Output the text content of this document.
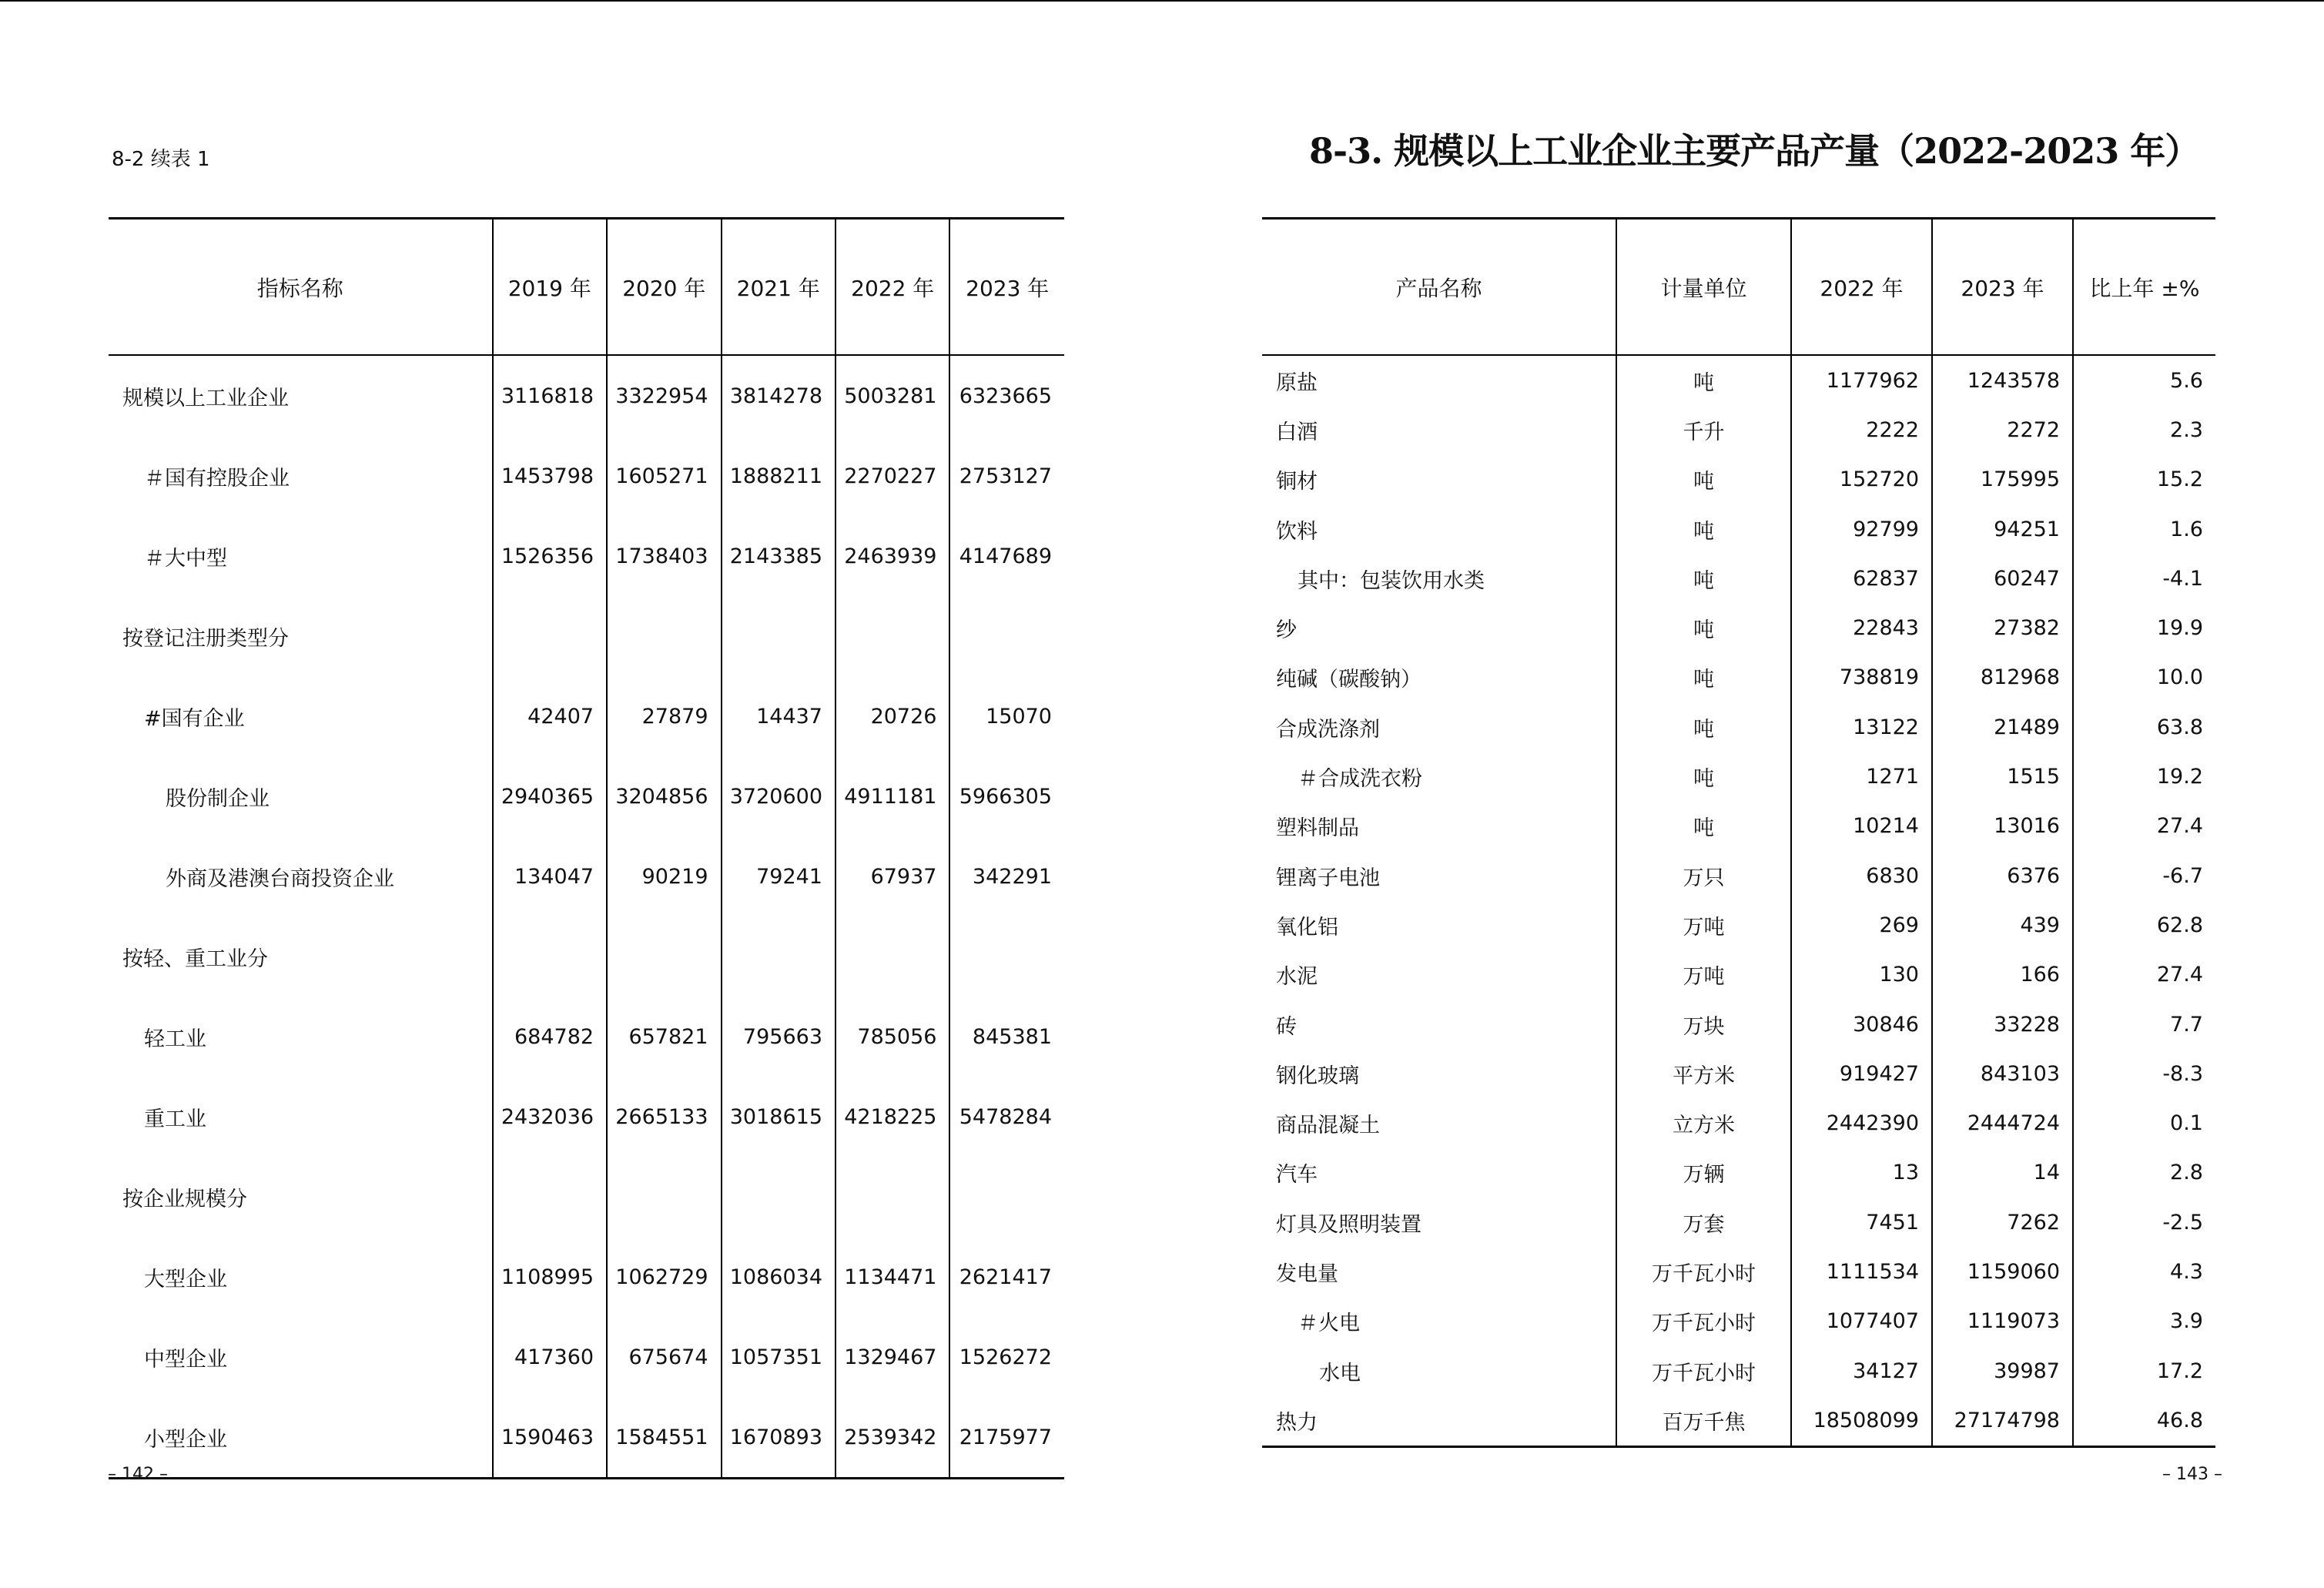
8-2 续表 1	8-3. 规模以上工业企业主要产品产量（2022-2023 年）
指标名称	2019 年	2020 年	2021 年	2022 年	2023 年
规模以上工业企业	3116818	3322954	3814278	5003281	6323665
＃国有控股企业	1453798	1605271	1888211	2270227	2753127
＃大中型	1526356	1738403	2143385	2463939	4147689
按登记注册类型分					
#国有企业	42407	27879	14437	20726	15070
股份制企业	2940365	3204856	3720600	4911181	5966305
外商及港澳台商投资企业	134047	90219	79241	67937	342291
按轻、重工业分					
轻工业	684782	657821	795663	785056	845381
重工业	2432036	2665133	3018615	4218225	5478284
按企业规模分					
大型企业	1108995	1062729	1086034	1134471	2621417
中型企业	417360	675674	1057351	1329467	1526272
小型企业	1590463	1584551	1670893	2539342	2175977
产品名称	计量单位	2022 年	2023 年	比上年 ±%
原盐	吨	1177962	1243578	5.6
白酒	千升	2222	2272	2.3
铜材	吨	152720	175995	15.2
饮料	吨	92799	94251	1.6
其中：包装饮用水类	吨	62837	60247	-4.1
纱	吨	22843	27382	19.9
纯碱（碳酸钠）	吨	738819	812968	10.0
合成洗涤剂	吨	13122	21489	63.8
＃合成洗衣粉	吨	1271	1515	19.2
塑料制品	吨	10214	13016	27.4
锂离子电池	万只	6830	6376	-6.7
氧化铝	万吨	269	439	62.8
水泥	万吨	130	166	27.4
砖	万块	30846	33228	7.7
钢化玻璃	平方米	919427	843103	-8.3
商品混凝土	立方米	2442390	2444724	0.1
汽车	万辆	13	14	2.8
灯具及照明装置	万套	7451	7262	-2.5
发电量	万千瓦小时	1111534	1159060	4.3
＃火电	万千瓦小时	1077407	1119073	3.9
水电	万千瓦小时	34127	39987	17.2
热力	百万千焦	18508099	27174798	46.8
– 142 –	– 143 –
